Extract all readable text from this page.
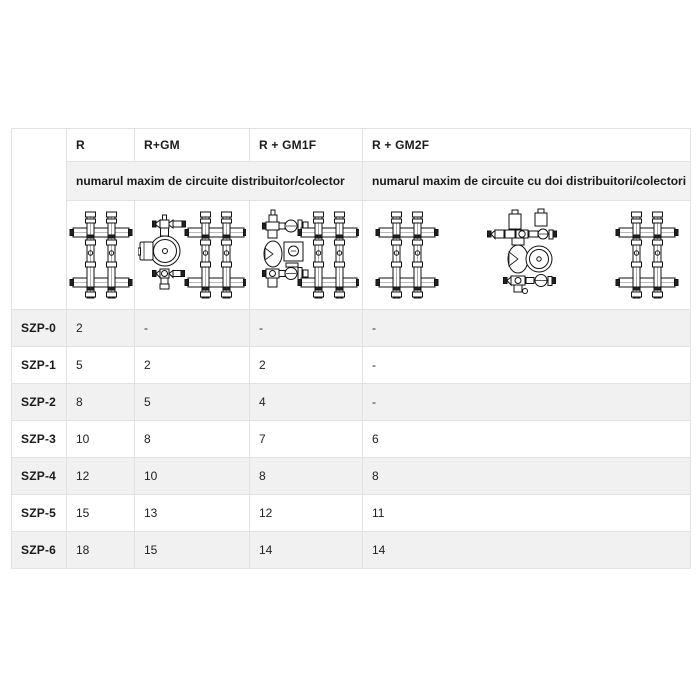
	R	R+GM	R + GM1F	R + GM2F
	numarul maxim de circuite distribuitor/colector			numarul maxim de circuite cu doi distribuitori/colectori

SZP-0	2	-	-	-
SZP-1	5	2	2	-
SZP-2	8	5	4	-
SZP-3	10	8	7	6
SZP-4	12	10	8	8
SZP-5	15	13	12	11
SZP-6	18	15	14	14
